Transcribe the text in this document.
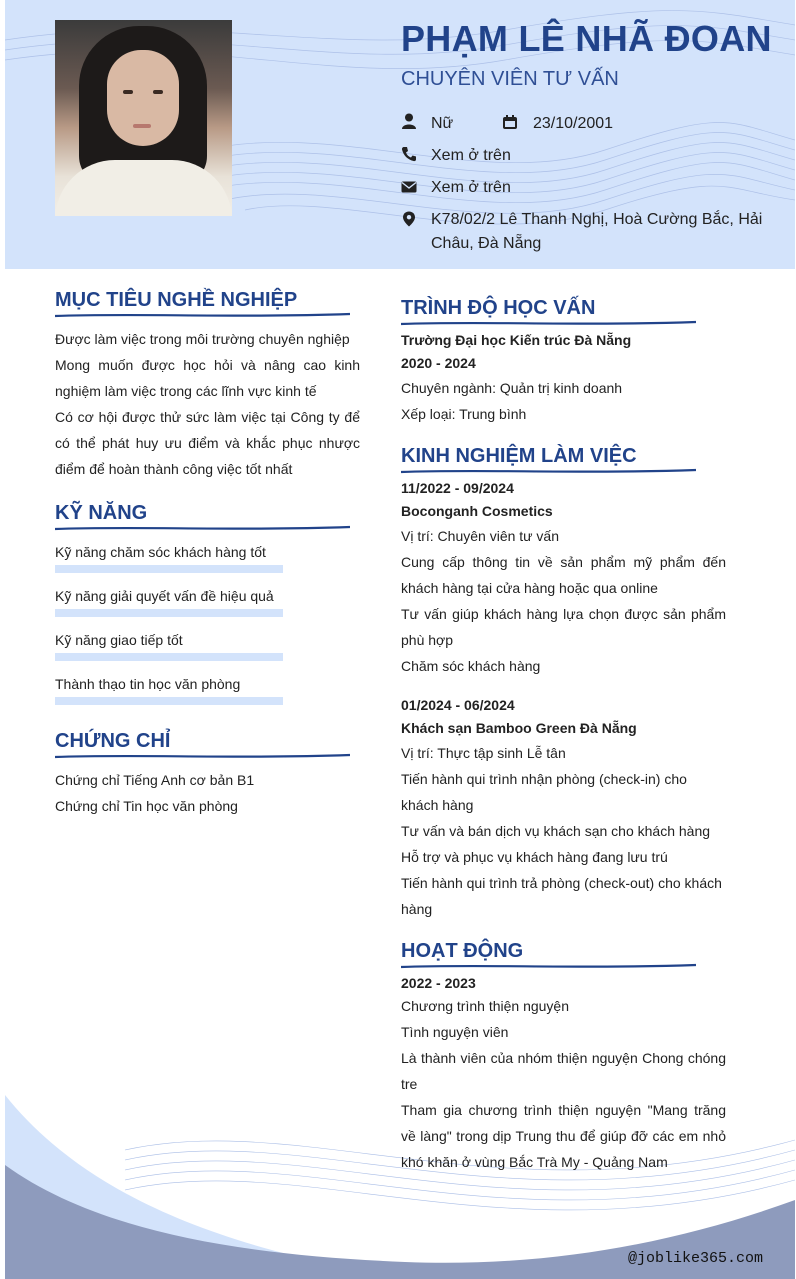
PHẠM LÊ NHÃ ĐOAN
CHUYÊN VIÊN TƯ VẤN
Nữ	23/10/2001
Xem ở trên
Xem ở trên
K78/02/2 Lê Thanh Nghị, Hoà Cường Bắc, Hải
Châu, Đà Nẵng
MỤC TIÊU NGHỀ NGHIỆP
Được làm việc trong môi trường chuyên nghiệp
Mong muốn được học hỏi và nâng cao kinh nghiệm làm việc trong các lĩnh vực kinh tế
Có cơ hội được thử sức làm việc tại Công ty để có thể phát huy ưu điểm và khắc phục nhược điểm để hoàn thành công việc tốt nhất
KỸ NĂNG
Kỹ năng chăm sóc khách hàng tốt
Kỹ năng giải quyết vấn đề hiệu quả
Kỹ năng giao tiếp tốt
Thành thạo tin học văn phòng
CHỨNG CHỈ
Chứng chỉ Tiếng Anh cơ bản B1
Chứng chỉ Tin học văn phòng
TRÌNH ĐỘ HỌC VẤN
Trường Đại học Kiến trúc Đà Nẵng
2020 - 2024
Chuyên ngành: Quản trị kinh doanh
Xếp loại: Trung bình
KINH NGHIỆM LÀM VIỆC
11/2022 - 09/2024
Boconganh Cosmetics
Vị trí: Chuyên viên tư vấn
Cung cấp thông tin về sản phẩm mỹ phẩm đến khách hàng tại cửa hàng hoặc qua online
Tư vấn giúp khách hàng lựa chọn được sản phẩm phù hợp
Chăm sóc khách hàng
01/2024 - 06/2024
Khách sạn Bamboo Green Đà Nẵng
Vị trí: Thực tập sinh Lễ tân
Tiến hành qui trình nhận phòng (check-in) cho khách hàng
Tư vấn và bán dịch vụ khách sạn cho khách hàng
Hỗ trợ và phục vụ khách hàng đang lưu trú
Tiến hành qui trình trả phòng (check-out) cho khách hàng
HOẠT ĐỘNG
2022 - 2023
Chương trình thiện nguyện
Tình nguyện viên
Là thành viên của nhóm thiện nguyện Chong chóng tre
Tham gia chương trình thiện nguyện "Mang trăng về làng" trong dịp Trung thu để giúp đỡ các em nhỏ khó khăn ở vùng Bắc Trà My - Quảng Nam
@joblike365.com
